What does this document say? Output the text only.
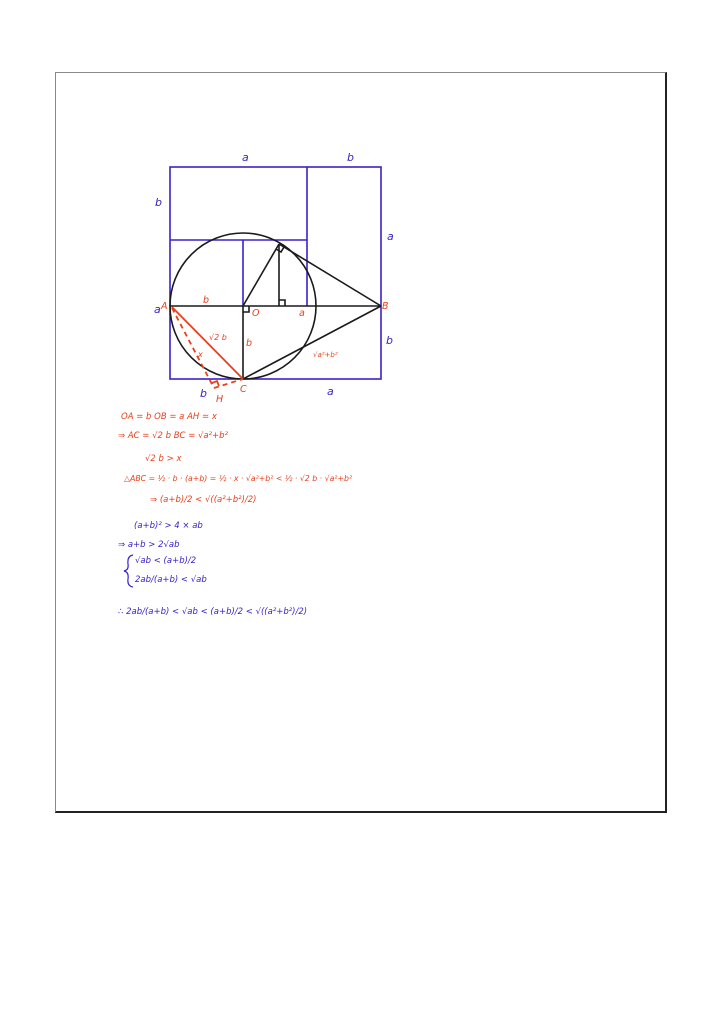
a	b
b
a
a
b
b	a
A	B
C
O
H
b
a
b
√2 b
x	√a²+b²
OA = b OB = a AH = x
⇒ AC = √2 b BC = √a²+b²
√2 b > x
△ABC = ½ · b · (a+b) = ½ · x · √a²+b² < ½ · √2 b · √a²+b²
⇒ (a+b)/2 < √((a²+b²)/2)
(a+b)² > 4 × ab
⇒ a+b > 2√ab
√ab < (a+b)/2
2ab/(a+b) < √ab
∴ 2ab/(a+b) < √ab < (a+b)/2 < √((a²+b²)/2)
